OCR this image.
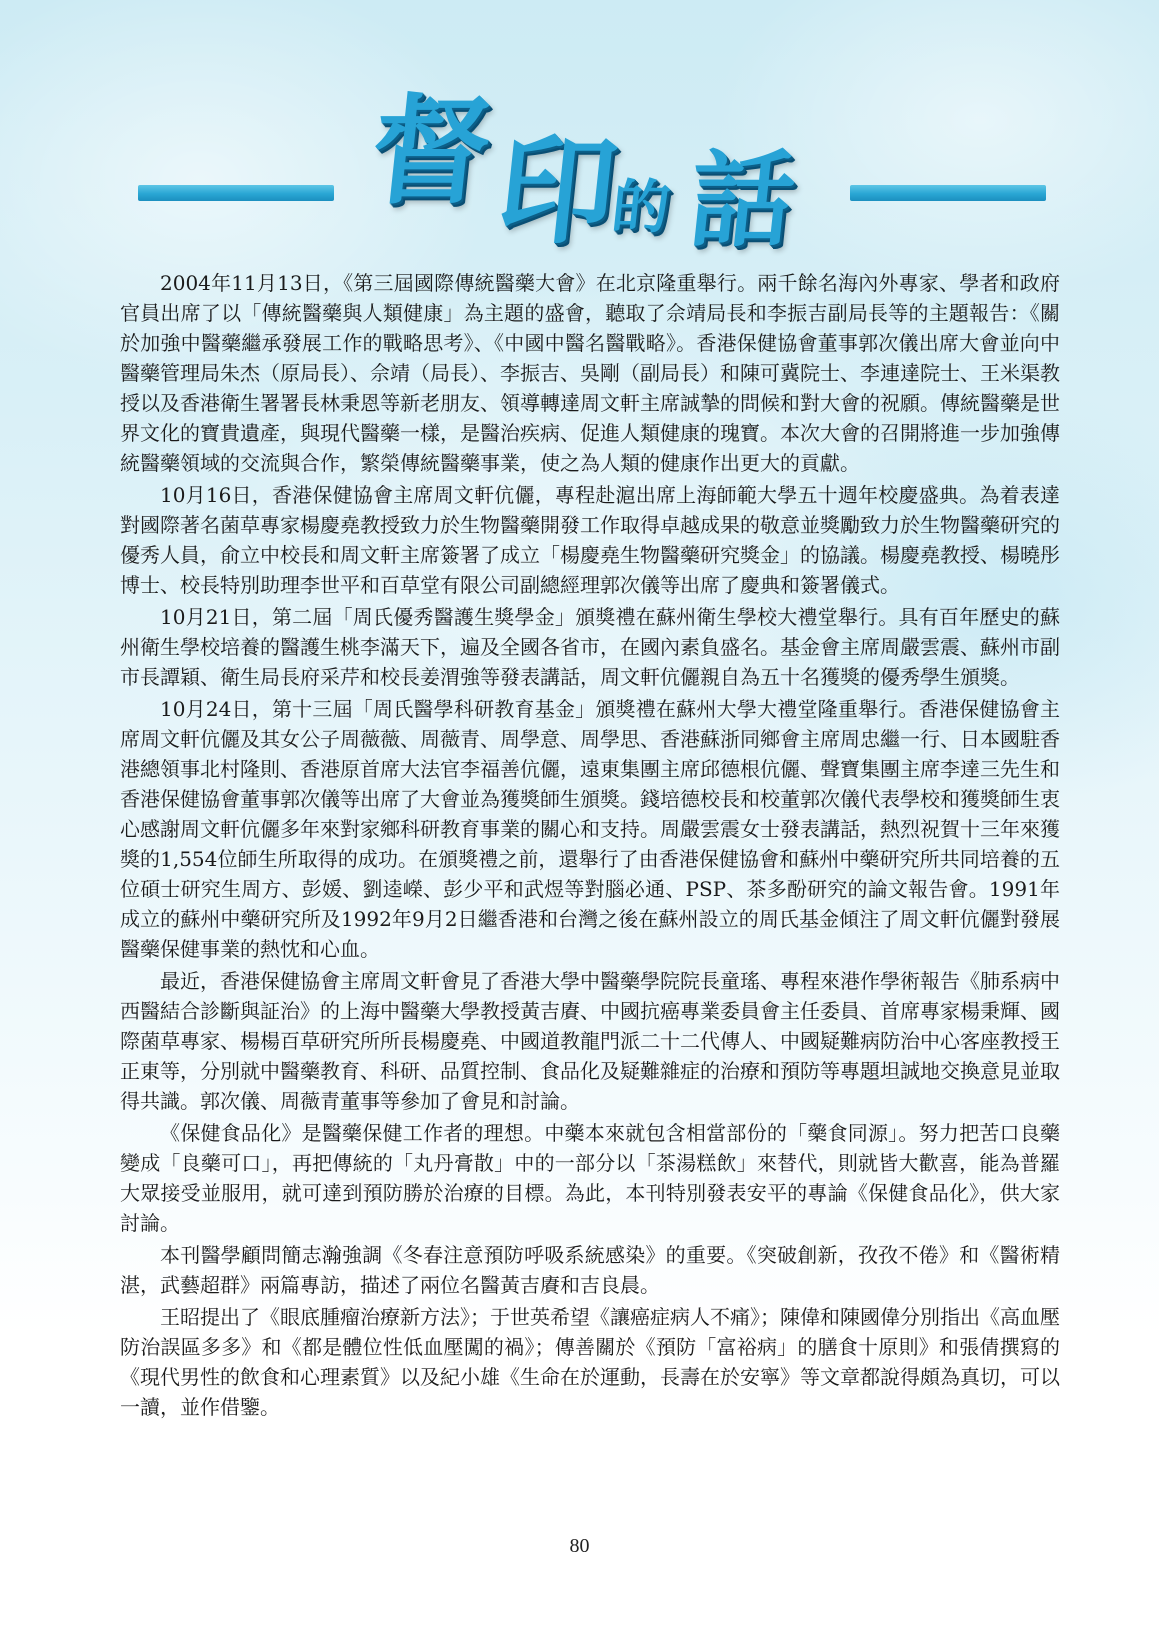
督
印
的 話

2004年11月13日，《第三屆國際傳統醫藥大會》在北京隆重舉行。兩千餘名海內外專家、學者和政府官員出席了以「傳統醫藥與人類健康」為主題的盛會，聽取了佘靖局長和李振吉副局長等的主題報告：《關於加強中醫藥繼承發展工作的戰略思考》、《中國中醫名醫戰略》。香港保健協會董事郭次儀出席大會並向中醫藥管理局朱杰（原局長）、佘靖（局長）、李振吉、吳剛（副局長）和陳可冀院士、李連達院士、王米渠教授以及香港衛生署署長林秉恩等新老朋友、領導轉達周文軒主席誠摯的問候和對大會的祝願。傳統醫藥是世界文化的寶貴遺產，與現代醫藥一樣，是醫治疾病、促進人類健康的瑰寶。本次大會的召開將進一步加強傳統醫藥領域的交流與合作，繁榮傳統醫藥事業，使之為人類的健康作出更大的貢獻。

10月16日，香港保健協會主席周文軒伉儷，專程赴滬出席上海師範大學五十週年校慶盛典。為着表達對國際著名菌草專家楊慶堯教授致力於生物醫藥開發工作取得卓越成果的敬意並獎勵致力於生物醫藥研究的優秀人員，俞立中校長和周文軒主席簽署了成立「楊慶堯生物醫藥研究獎金」的協議。楊慶堯教授、楊曉彤博士、校長特別助理李世平和百草堂有限公司副總經理郭次儀等出席了慶典和簽署儀式。

10月21日，第二屆「周氏優秀醫護生獎學金」頒獎禮在蘇州衛生學校大禮堂舉行。具有百年歷史的蘇州衛生學校培養的醫護生桃李滿天下，遍及全國各省市，在國內素負盛名。基金會主席周嚴雲震、蘇州市副市長譚穎、衛生局長府采芹和校長姜渭強等發表講話，周文軒伉儷親自為五十名獲獎的優秀學生頒獎。

10月24日，第十三屆「周氏醫學科研教育基金」頒獎禮在蘇州大學大禮堂隆重舉行。香港保健協會主席周文軒伉儷及其女公子周薇薇、周薇青、周學意、周學思、香港蘇浙同鄉會主席周忠繼一行、日本國駐香港總領事北村隆則、香港原首席大法官李福善伉儷，遠東集團主席邱德根伉儷、聲寶集團主席李達三先生和香港保健協會董事郭次儀等出席了大會並為獲獎師生頒獎。錢培德校長和校董郭次儀代表學校和獲獎師生衷心感謝周文軒伉儷多年來對家鄉科研教育事業的關心和支持。周嚴雲震女士發表講話，熱烈祝賀十三年來獲獎的1,554位師生所取得的成功。在頒獎禮之前，還舉行了由香港保健協會和蘇州中藥研究所共同培養的五位碩士研究生周方、彭媛、劉逵嶸、彭少平和武煜等對腦必通、PSP、茶多酚研究的論文報告會。1991年成立的蘇州中藥研究所及1992年9月2日繼香港和台灣之後在蘇州設立的周氏基金傾注了周文軒伉儷對發展醫藥保健事業的熱忱和心血。

最近，香港保健協會主席周文軒會見了香港大學中醫藥學院院長童瑤、專程來港作學術報告《肺系病中西醫結合診斷與証治》的上海中醫藥大學教授黃吉賡、中國抗癌專業委員會主任委員、首席專家楊秉輝、國際菌草專家、楊楊百草研究所所長楊慶堯、中國道教龍門派二十二代傳人、中國疑難病防治中心客座教授王正東等，分別就中醫藥教育、科研、品質控制、食品化及疑難雜症的治療和預防等專題坦誠地交換意見並取得共識。郭次儀、周薇青董事等參加了會見和討論。

《保健食品化》是醫藥保健工作者的理想。中藥本來就包含相當部份的「藥食同源」。努力把苦口良藥變成「良藥可口」，再把傳統的「丸丹膏散」中的一部分以「茶湯糕飲」來替代，則就皆大歡喜，能為普羅大眾接受並服用，就可達到預防勝於治療的目標。為此，本刊特別發表安平的專論《保健食品化》，供大家討論。

本刊醫學顧問簡志瀚強調《冬春注意預防呼吸系統感染》的重要。《突破創新，孜孜不倦》和《醫術精湛，武藝超群》兩篇專訪，描述了兩位名醫黃吉賡和吉良晨。

王昭提出了《眼底腫瘤治療新方法》；于世英希望《讓癌症病人不痛》；陳偉和陳國偉分別指出《高血壓防治誤區多多》和《都是體位性低血壓闖的禍》；傳善關於《預防「富裕病」的膳食十原則》和張倩撰寫的《現代男性的飲食和心理素質》以及紀小雄《生命在於運動，長壽在於安寧》等文章都說得頗為真切，可以一讀，並作借鑒。

80
